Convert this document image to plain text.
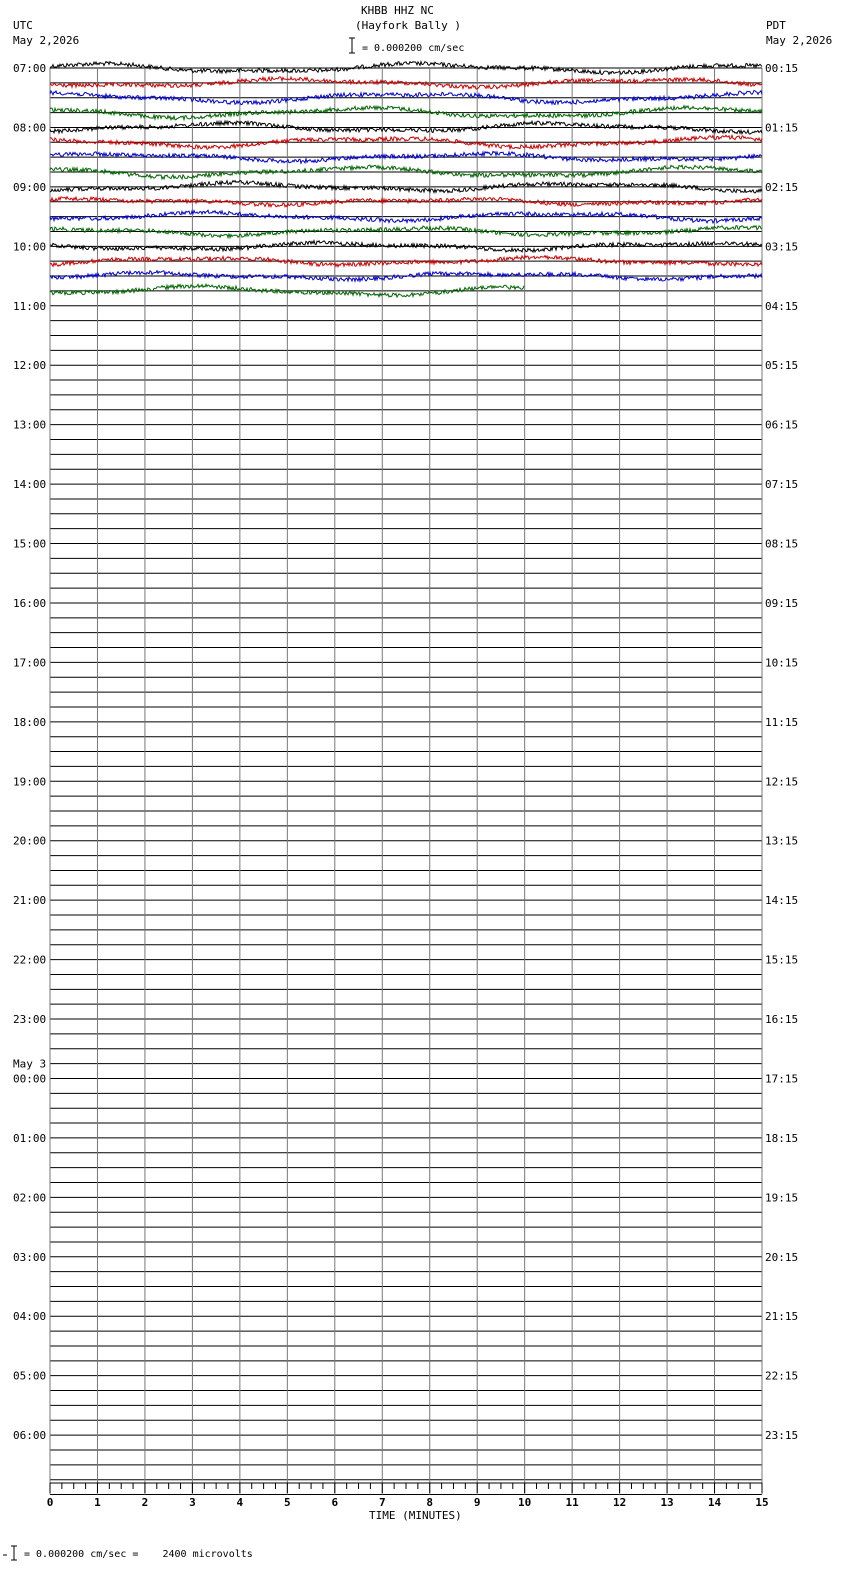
KHBB HHZ NC
(Hayfork Bally )
UTC
May 2,2026
PDT
May 2,2026
= 0.000200 cm/sec
TIME (MINUTES)
= 0.000200 cm/sec =    2400 microvolts
0	1	2	3	4	5	6	7	8	9	10	11	12	13	14	15
07:00
08:00
09:00
10:00
11:00
12:00
13:00
14:00
15:00
16:00
17:00
18:00
19:00
20:00
21:00
22:00
23:00
00:00
01:00
02:00
03:00
04:00
05:00
06:00
00:15
01:15
02:15
03:15
04:15
05:15
06:15
07:15
08:15
09:15
10:15
11:15
12:15
13:15
14:15
15:15
16:15
17:15
18:15
19:15
20:15
21:15
22:15
23:15
May 3
